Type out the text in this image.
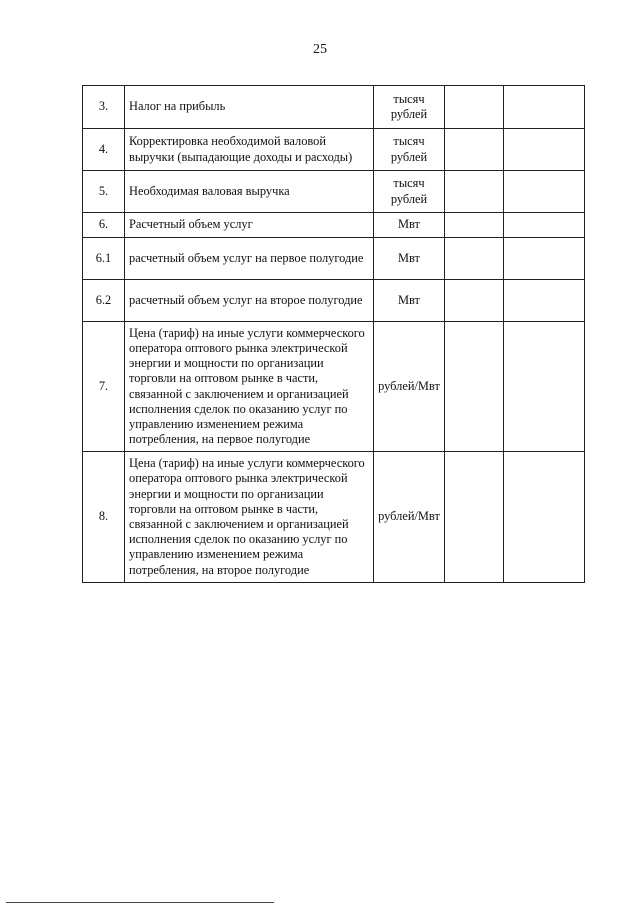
25
3.	Налог на прибыль	тысяч рублей		
4.	Корректировка необходимой валовой выручки (выпадающие доходы и расходы)	тысяч рублей		
5.	Необходимая валовая выручка	тысяч рублей		
6.	Расчетный объем услуг	Мвт		
6.1	расчетный объем услуг на первое полугодие	Мвт		
6.2	расчетный объем услуг на второе полугодие	Мвт		
7.	Цена (тариф) на иные услуги коммерческого оператора оптового рынка электрической энергии и мощности по организации торговли на оптовом рынке в части, связанной с заключением и организацией исполнения сделок по оказанию услуг по управлению изменением режима потребления, на первое полугодие	рублей/Мвт		
8.	Цена (тариф) на иные услуги коммерческого оператора оптового рынка электрической энергии и мощности по организации торговли на оптовом рынке в части, связанной с заключением и организацией исполнения сделок по оказанию услуг по управлению изменением режима потребления, на второе полугодие	рублей/Мвт		
